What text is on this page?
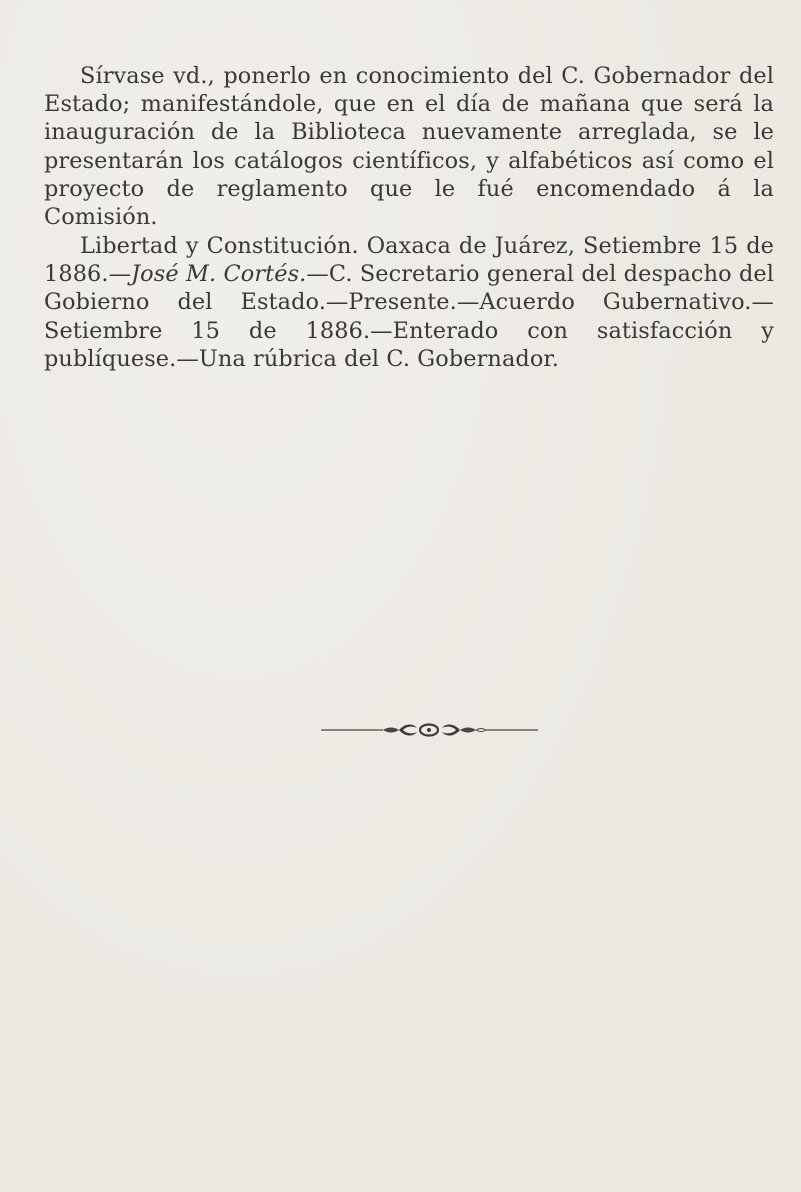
Sírvase vd., ponerlo en conocimiento del C. Gobernador del Estado; manifestándole, que en el día de mañana que será la inauguración de la Biblioteca nuevamente arreglada, se le presentarán los catálogos científicos, y alfabéticos así como el proyecto de reglamento que le fué encomendado á la Comisión.

Libertad y Constitución. Oaxaca de Juárez, Setiembre 15 de 1886.—José M. Cortés.—C. Secretario general del despacho del Gobierno del Estado.—Presente.—Acuerdo Gubernativo.—Setiembre 15 de 1886.—Enterado con satisfacción y publíquese.—Una rúbrica del C. Gobernador.
